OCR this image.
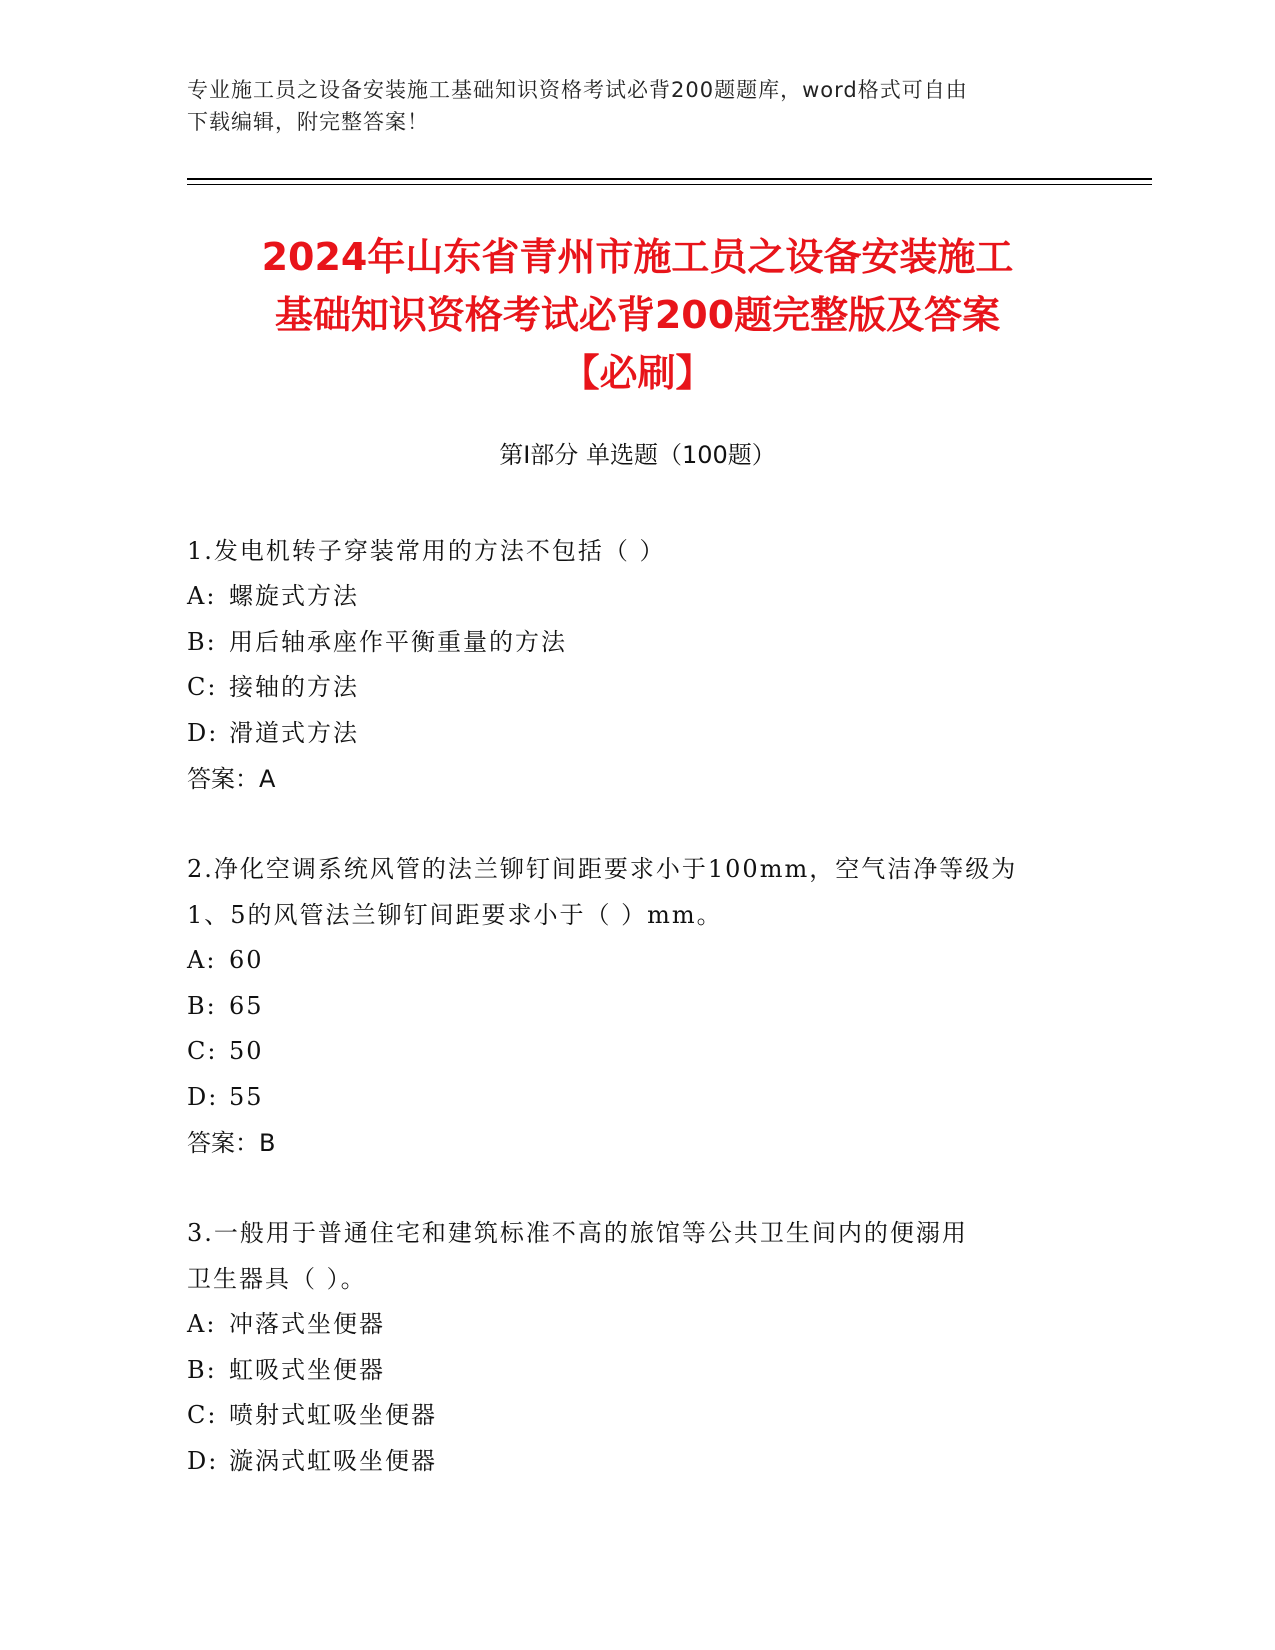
专业施工员之设备安装施工基础知识资格考试必背200题题库，word格式可自由
下载编辑，附完整答案！
2024年山东省青州市施工员之设备安装施工
基础知识资格考试必背200题完整版及答案
【必刷】
第I部分 单选题（100题）
1.发电机转子穿装常用的方法不包括（ ）
A: 螺旋式方法
B: 用后轴承座作平衡重量的方法
C: 接轴的方法
D: 滑道式方法
答案：A
2.净化空调系统风管的法兰铆钉间距要求小于100mm，空气洁净等级为
1、5的风管法兰铆钉间距要求小于（ ）mm。
A: 60
B: 65
C: 50
D: 55
答案：B
3.一般用于普通住宅和建筑标准不高的旅馆等公共卫生间内的便溺用
卫生器具（ ）。
A: 冲落式坐便器
B: 虹吸式坐便器
C: 喷射式虹吸坐便器
D: 漩涡式虹吸坐便器
